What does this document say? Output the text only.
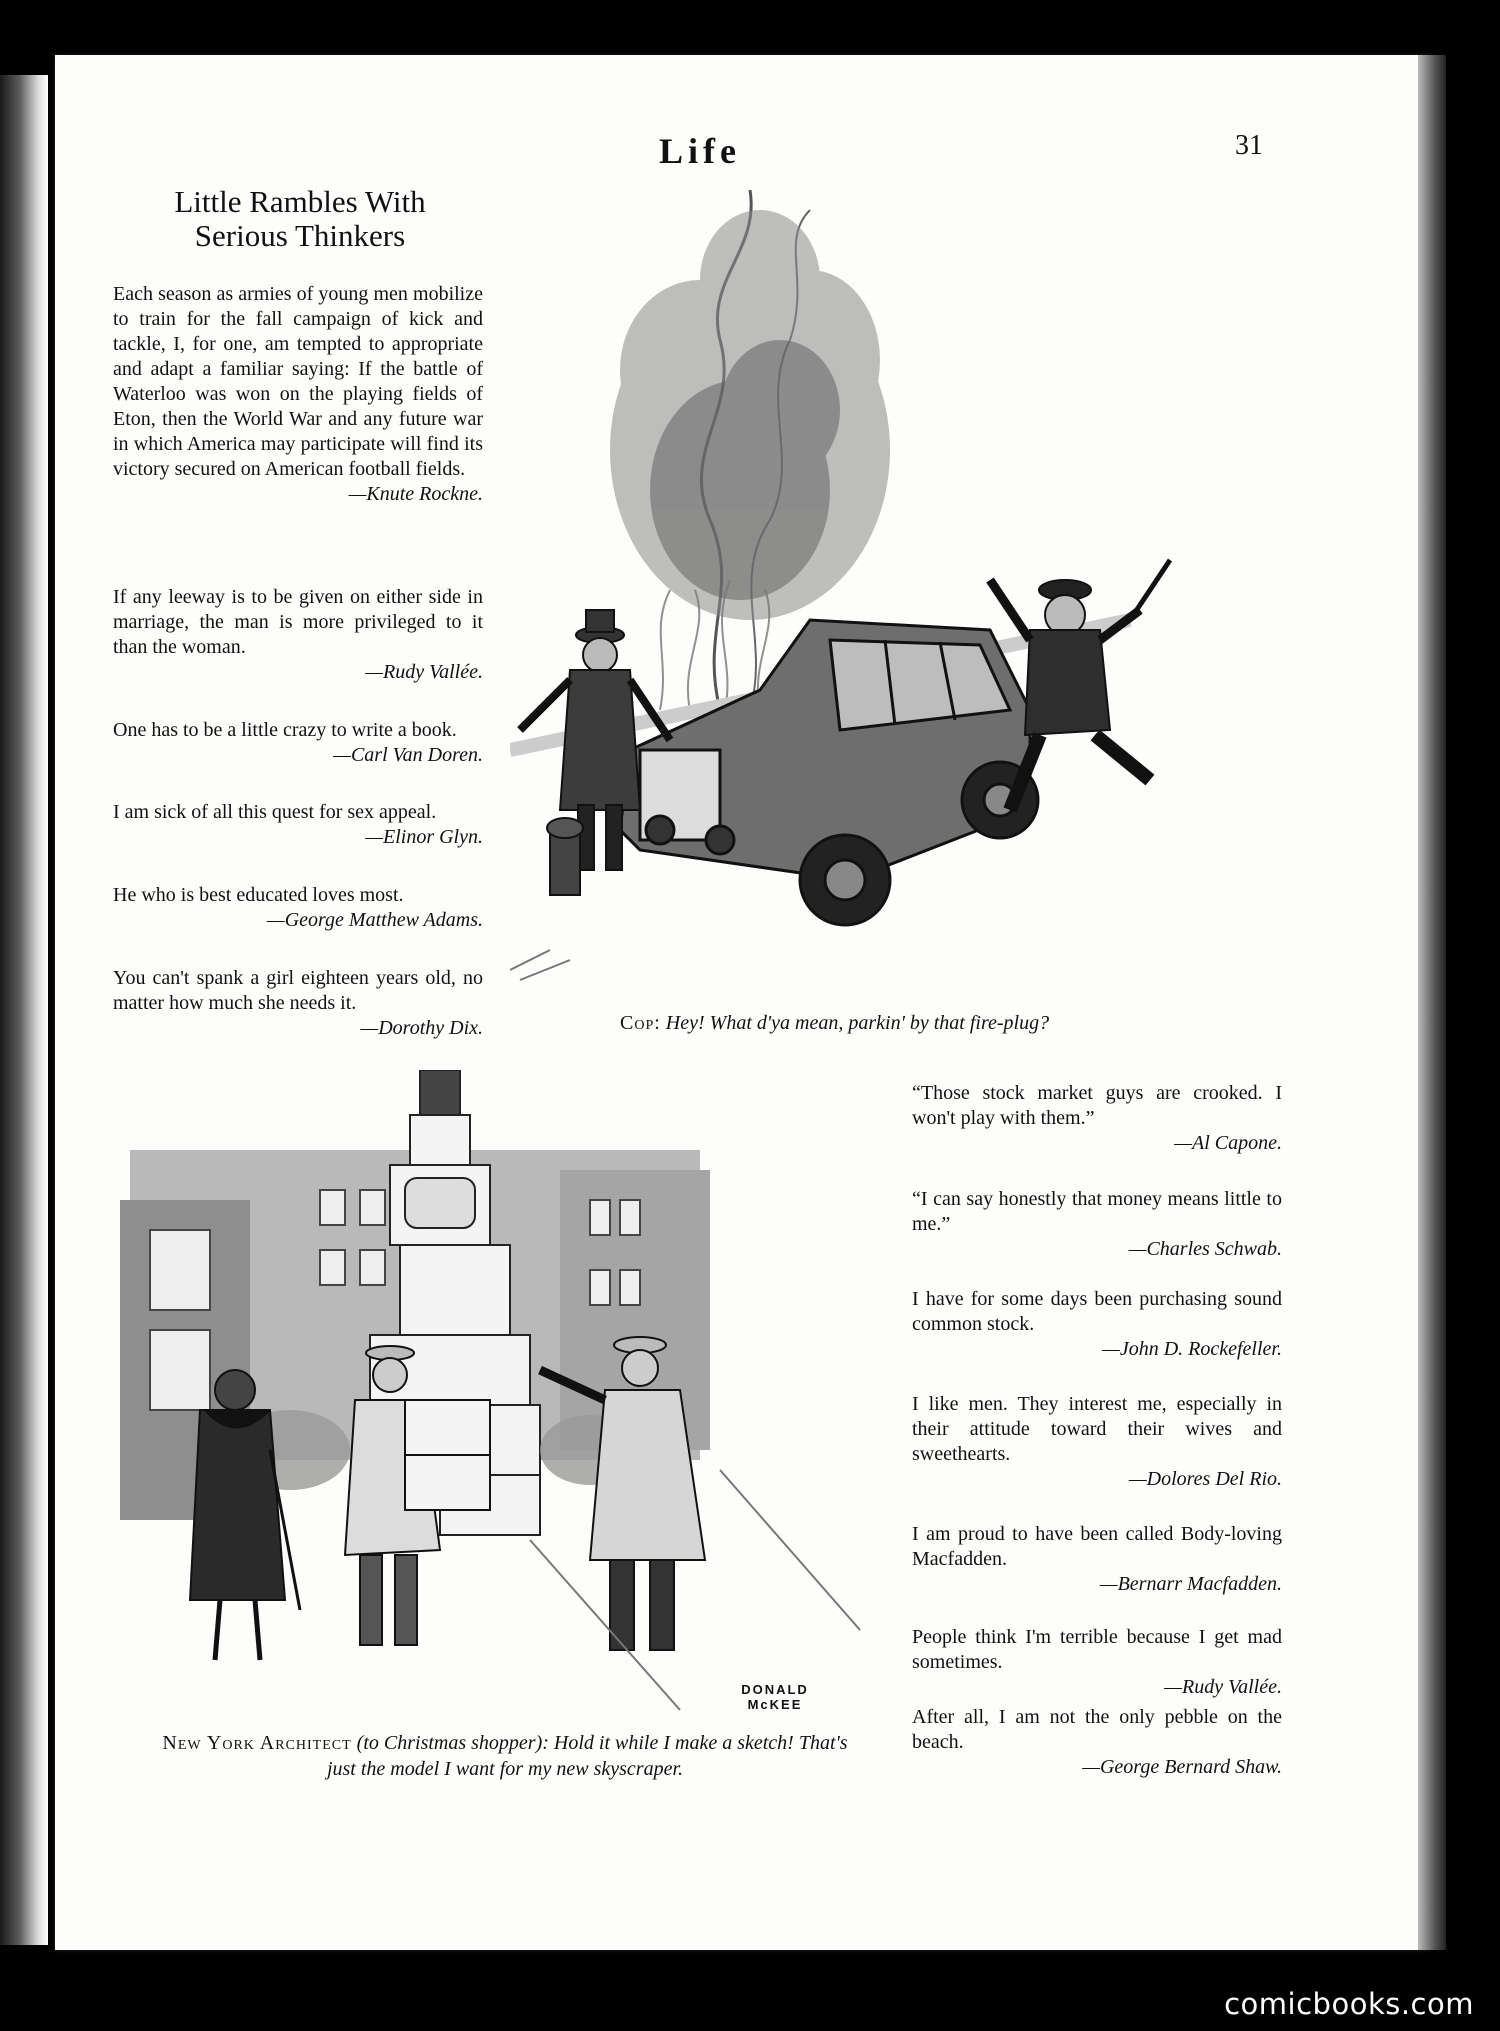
Life	31
Little Rambles With
Serious Thinkers
Each season as armies of young men mobilize to train for the fall campaign of kick and tackle, I, for one, am tempted to appropriate and adapt a familiar saying: If the battle of Waterloo was won on the playing fields of Eton, then the World War and any future war in which America may participate will find its victory secured on American football fields.
—Knute Rockne.
If any leeway is to be given on either side in marriage, the man is more privileged to it than the woman.
—Rudy Vallée.
One has to be a little crazy to write a book.
—Carl Van Doren.
I am sick of all this quest for sex appeal.
—Elinor Glyn.
He who is best educated loves most.
—George Matthew Adams.
You can't spank a girl eighteen years old, no matter how much she needs it.
—Dorothy Dix.	Cop: Hey! What d'ya mean, parkin' by that fire-plug?
DONALD
McKEE
New York Architect (to Christmas shopper): Hold it while I make a sketch! That's just the model I want for my new skyscraper.
“Those stock market guys are crooked. I won't play with them.”
—Al Capone.
“I can say honestly that money means little to me.”
—Charles Schwab.
I have for some days been purchasing sound common stock.
—John D. Rockefeller.
I like men. They interest me, especially in their attitude toward their wives and sweethearts.
—Dolores Del Rio.
I am proud to have been called Body-loving Macfadden.
—Bernarr Macfadden.
People think I'm terrible because I get mad sometimes.
—Rudy Vallée.
After all, I am not the only pebble on the beach.
—George Bernard Shaw.
comicbooks.com
